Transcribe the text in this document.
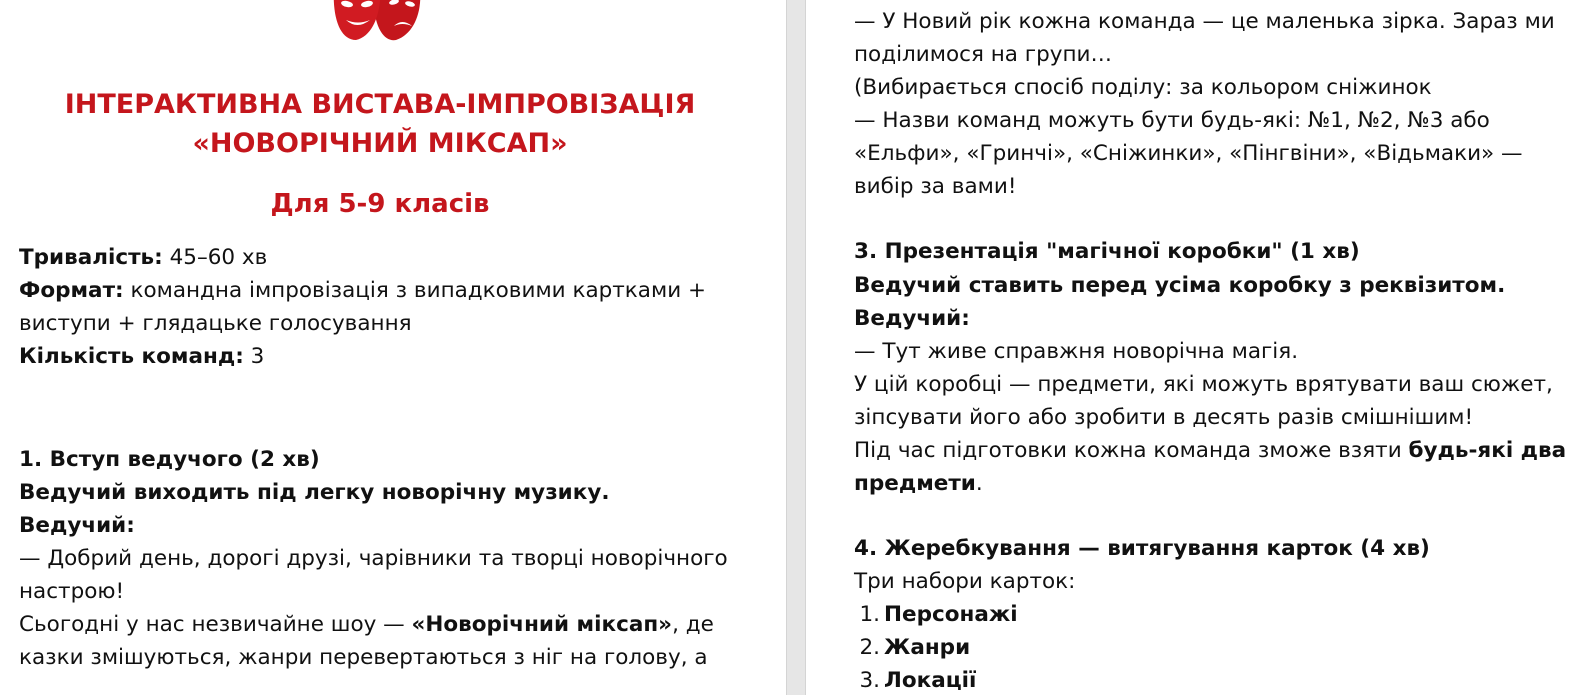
ІНТЕРАКТИВНА ВИСТАВА-ІМПРОВІЗАЦІЯ
«НОВОРІЧНИЙ МІКСАП»
Для 5-9 класів
Тривалість: 45–60 хв
Формат: командна імпровізація з випадковими картками +
виступи + глядацьке голосування
Кількість команд: 3
1. Вступ ведучого (2 хв)
Ведучий виходить під легку новорічну музику.
Ведучий:
— Добрий день, дорогі друзі, чарівники та творці новорічного
настрою!
Сьогодні у нас незвичайне шоу — «Новорічний міксап», де
казки змішуються, жанри перевертаються з ніг на голову, а
— У Новий рік кожна команда — це маленька зірка. Зараз ми
поділимося на групи…
(Вибирається спосіб поділу: за кольором сніжинок
— Назви команд можуть бути будь-які: №1, №2, №3 або
«Ельфи», «Гринчі», «Сніжинки», «Пінгвіни», «Відьмаки» —
вибір за вами!
3. Презентація "магічної коробки" (1 хв)
Ведучий ставить перед усіма коробку з реквізитом.
Ведучий:
— Тут живе справжня новорічна магія.
У цій коробці — предмети, які можуть врятувати ваш сюжет,
зіпсувати його або зробити в десять разів смішнішим!
Під час підготовки кожна команда зможе взяти будь-які два
предмети.
4. Жеребкування — витягування карток (4 хв)
Три набори карток:
1. Персонажі
2. Жанри
3. Локації
